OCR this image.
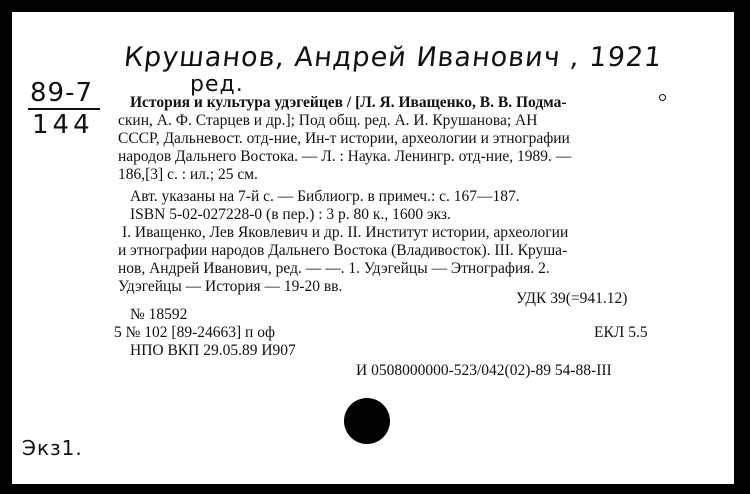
Крушанов, Андрей Иванович , 1921
ред.
89-7
144
История и культура удэгейцев / [Л. Я. Иващенко, В. В. Подма-
скин, А. Ф. Старцев и др.]; Под общ. ред. А. И. Крушанова; АН
СССР, Дальневост. отд-ние, Ин-т истории, археологии и этнографии
народов Дальнего Востока. — Л. : Наука. Ленингр. отд-ние, 1989. —
186,[3] с. : ил.; 25 см.
Авт. указаны на 7-й с. — Библиогр. в примеч.: с. 167—187.
ISBN 5-02-027228-0 (в пер.) : 3 р. 80 к., 1600 экз.
I. Иващенко, Лев Яковлевич и др. II. Институт истории, археологии
и этнографии народов Дальнего Востока (Владивосток). III. Крушa-
нов, Андрей Иванович, ред. — —. 1. Удэгейцы — Этнография. 2.
Удэгейцы — История — 19-20 вв.
УДК 39(=941.12)
№ 18592
5 № 102 [89-24663] п оф	ЕКЛ 5.5
НПО ВКП 29.05.89 И907
И 0508000000-523/042(02)-89 54-88-III
Экз1.
